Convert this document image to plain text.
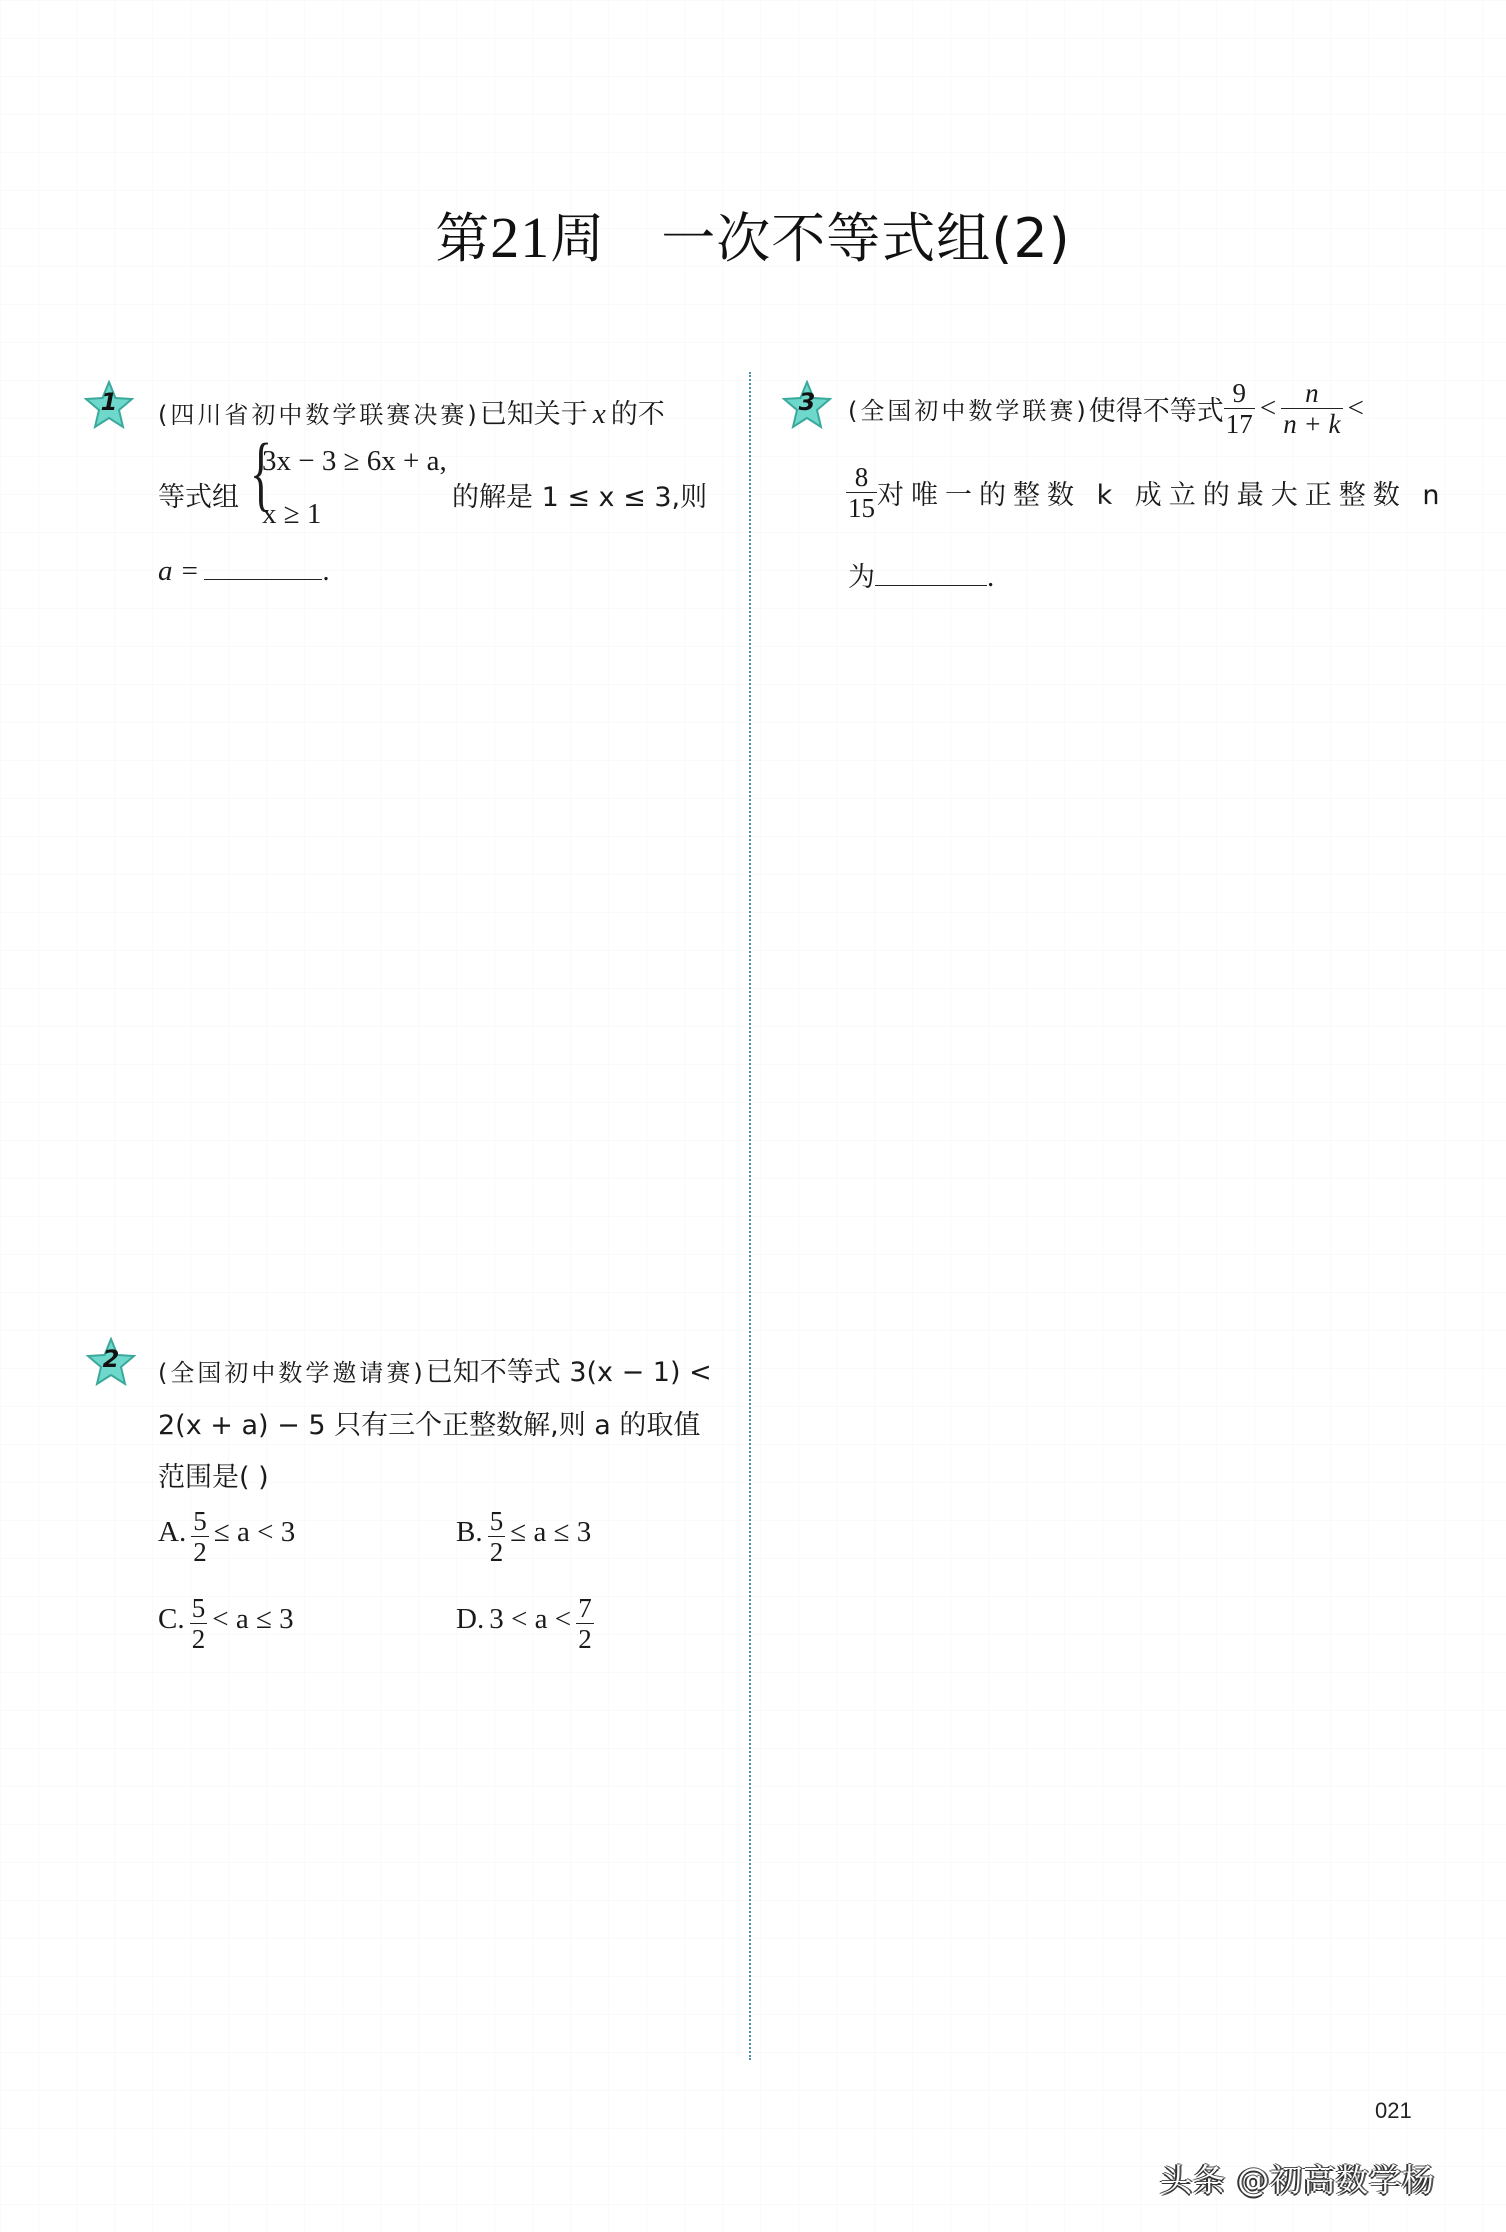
第21周 一次不等式组(2)
1	(四川省初中数学联赛决赛)已知关于 x 的不
等式组 {
3x − 3 ≥ 6x + a,
x ≥ 1
的解是 1 ≤ x ≤ 3,则
a =	.
2	(全国初中数学邀请赛)已知不等式 3(x − 1) <
2(x + a) − 5 只有三个正整数解,则 a 的取值
范围是( )
A. $\frac{5}{2} \le a < 3$	B. $\frac{5}{2} \le a \le 3$
C. $\frac{5}{2} < a \le 3$	D. $3 < a < \frac{7}{2}$
3	(全国初中数学联赛)使得不等式 $\frac{9}{17} < \frac{n}{n + k}$ <
$\frac{8}{15}$ 对唯一的整数 k 成立的最大正整数 n
为	.
021
头条 @初高数学杨
